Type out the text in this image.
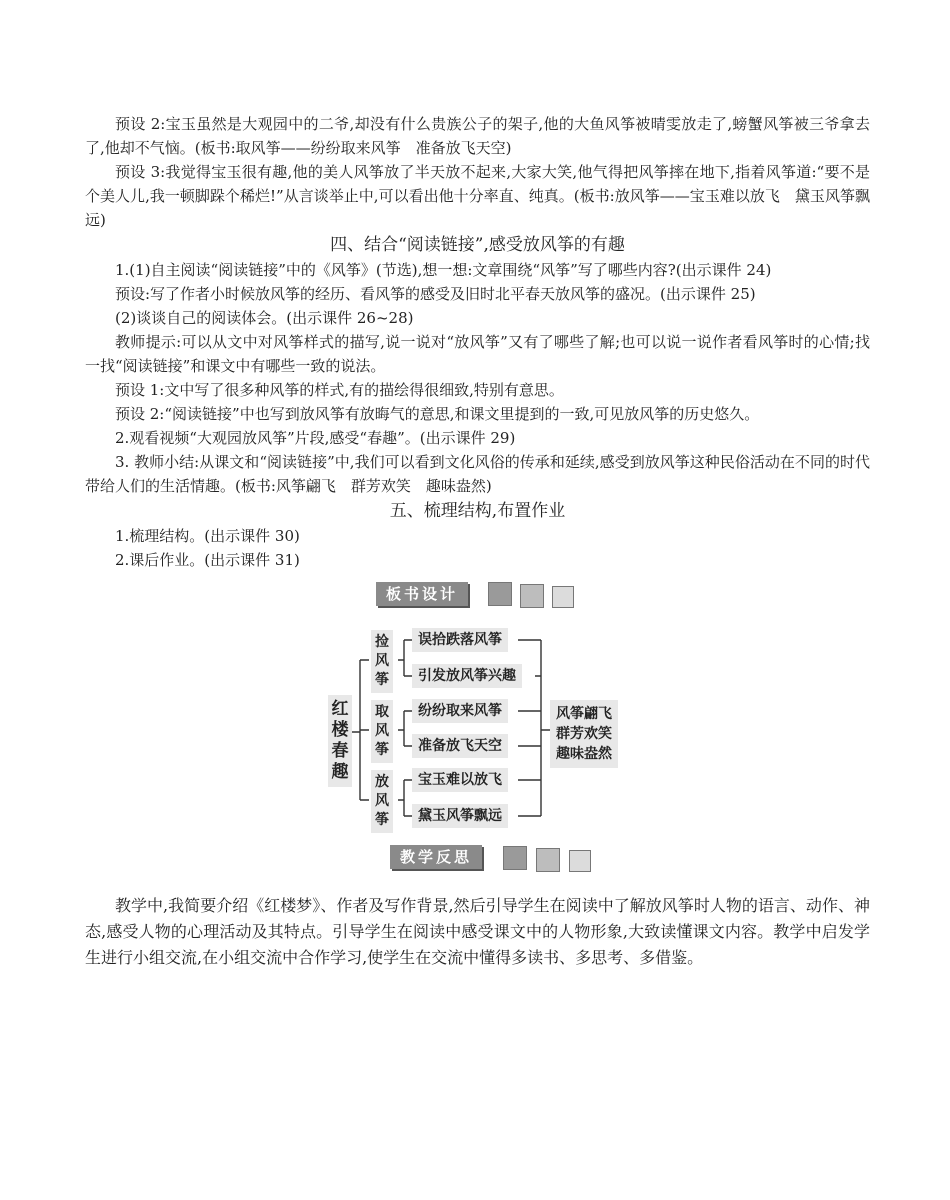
预设 2:宝玉虽然是大观园中的二爷,却没有什么贵族公子的架子,他的大鱼风筝被晴雯放走了,螃蟹风筝被三爷拿去了,他却不气恼。(板书:取风筝——纷纷取来风筝　准备放飞天空)

预设 3:我觉得宝玉很有趣,他的美人风筝放了半天放不起来,大家大笑,他气得把风筝摔在地下,指着风筝道:“要不是个美人儿,我一顿脚跺个稀烂!”从言谈举止中,可以看出他十分率直、纯真。(板书:放风筝——宝玉难以放飞　黛玉风筝飘远)

四、结合“阅读链接”,感受放风筝的有趣

1.(1)自主阅读“阅读链接”中的《风筝》(节选),想一想:文章围绕“风筝”写了哪些内容?(出示课件 24)

预设:写了作者小时候放风筝的经历、看风筝的感受及旧时北平春天放风筝的盛况。(出示课件 25)

(2)谈谈自己的阅读体会。(出示课件 26~28)

教师提示:可以从文中对风筝样式的描写,说一说对“放风筝”又有了哪些了解;也可以说一说作者看风筝时的心情;找一找“阅读链接”和课文中有哪些一致的说法。

预设 1:文中写了很多种风筝的样式,有的描绘得很细致,特别有意思。

预设 2:“阅读链接”中也写到放风筝有放晦气的意思,和课文里提到的一致,可见放风筝的历史悠久。

2.观看视频“大观园放风筝”片段,感受“春趣”。(出示课件 29)

3. 教师小结:从课文和“阅读链接”中,我们可以看到文化风俗的传承和延续,感受到放风筝这种民俗活动在不同的时代带给人们的生活情趣。(板书:风筝翩飞　群芳欢笑　趣味盎然)

五、梳理结构,布置作业

1.梳理结构。(出示课件 30)

2.课后作业。(出示课件 31)

板书设计
红楼春趣
捡风筝
取风筝
放风筝
误拾跌落风筝
引发放风筝兴趣
纷纷取来风筝
准备放飞天空
宝玉难以放飞
黛玉风筝飘远
风筝翩飞
群芳欢笑
趣味盎然
教学反思

教学中,我简要介绍《红楼梦》、作者及写作背景,然后引导学生在阅读中了解放风筝时人物的语言、动作、神态,感受人物的心理活动及其特点。引导学生在阅读中感受课文中的人物形象,大致读懂课文内容。教学中启发学生进行小组交流,在小组交流中合作学习,使学生在交流中懂得多读书、多思考、多借鉴。
